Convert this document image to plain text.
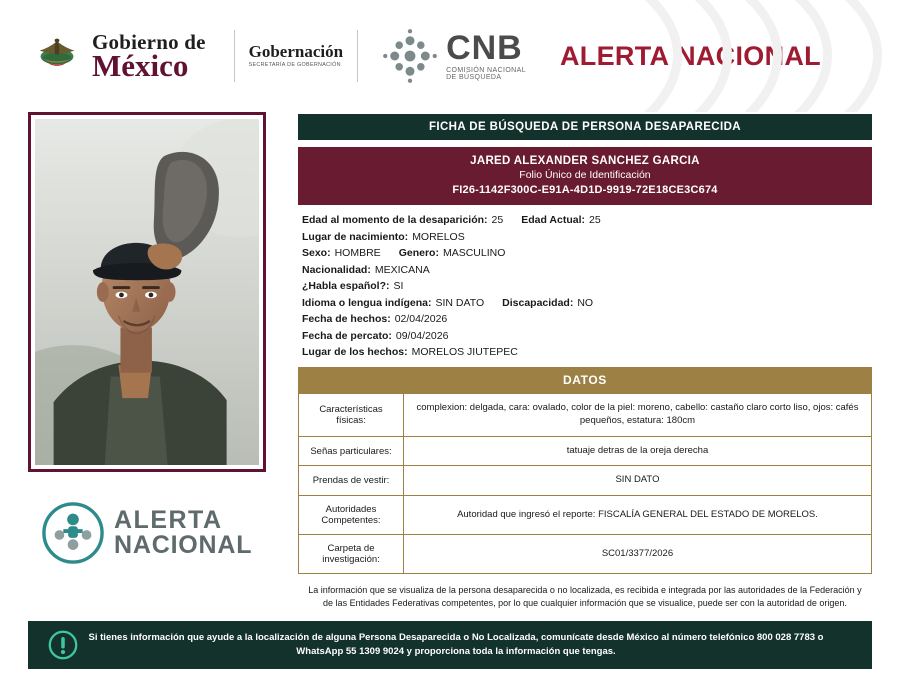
Gobierno de
México	Gobernación
SECRETARÍA DE GOBERNACIÓN	CNB
COMISIÓN NACIONAL
DE BÚSQUEDA
ALERTA NACIONAL
ALERTA
NACIONAL
FICHA DE BÚSQUEDA DE PERSONA DESAPARECIDA
JARED ALEXANDER SANCHEZ GARCIA
Folio Único de Identificación
FI26-1142F300C-E91A-4D1D-9919-72E18CE3C674
Edad al momento de la desaparición: 25 Edad Actual: 25
Lugar de nacimiento: MORELOS
Sexo: HOMBRE Genero: MASCULINO
Nacionalidad: MEXICANA
¿Habla español?: SI
Idioma o lengua indígena: SIN DATO Discapacidad: NO
Fecha de hechos: 02/04/2026
Fecha de percato: 09/04/2026
Lugar de los hechos: MORELOS JIUTEPEC
DATOS
Características físicas:	complexion: delgada, cara: ovalado, color de la piel: moreno, cabello: castaño claro corto liso, ojos: cafés pequeños, estatura: 180cm
Señas particulares:	tatuaje detras de la oreja derecha
Prendas de vestir:	SIN DATO
Autoridades Competentes:	Autoridad que ingresó el reporte: FISCALÍA GENERAL DEL ESTADO DE MORELOS.
Carpeta de investigación:	SC01/3377/2026
La información que se visualiza de la persona desaparecida o no localizada, es recibida e integrada por las autoridades de la Federación y de las Entidades Federativas competentes, por lo que cualquier información que se visualice, puede ser con la autoridad de origen.
Si tienes información que ayude a la localización de alguna Persona Desaparecida o No Localizada, comunícate desde México al número telefónico 800 028 7783 o WhatsApp 55 1309 9024 y proporciona toda la información que tengas.
